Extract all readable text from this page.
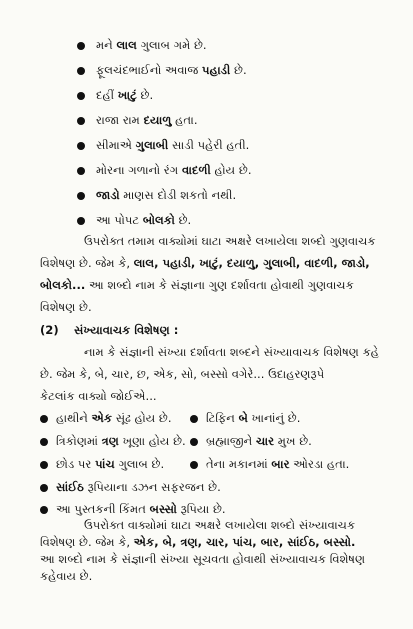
મને લાલ ગુલાબ ગમે છે.
ફૂલચંદભાઈનો અવાજ પહાડી છે.
દહીં ખાટું છે.
રાજા રામ દયાળુ હતા.
સીમાએ ગુલાબી સાડી પહેરી હતી.
મોરના ગળાનો રંગ વાદળી હોય છે.
જાડો માણસ દોડી શકતો નથી.
આ પોપટ બોલકો છે.
ઉપરોક્ત તમામ વાક્યોમાં ઘાટા અક્ષરે લખાયેલા શબ્દો ગુણવાચક
વિશેષણ છે. જેમ કે, લાલ, પહાડી, ખાટું, દયાળુ, ગુલાબી, વાદળી, જાડો,
બોલકો... આ શબ્દો નામ કે સંજ્ઞાના ગુણ દર્શાવતા હોવાથી ગુણવાચક
વિશેષણ છે.
(2) સંખ્યાવાચક વિશેષણ :
નામ કે સંજ્ઞાની સંખ્યા દર્શાવતા શબ્દને સંખ્યાવાચક વિશેષણ કહે
છે. જેમ કે, બે, ચાર, છ, એક, સો, બસ્સો વગેરે... ઉદાહરણરૂપે
કેટલાંક વાક્યો જોઈએ...
હાથીને એક સૂંઢ હોય છે.	ટિફિન બે ખાનાંનું છે.
ત્રિકોણમાં ત્રણ ખૂણા હોય છે. બ્રહ્માજીને ચાર મુખ છે.
છોડ પર પાંચ ગુલાબ છે.	તેના મકાનમાં બાર ઓરડા હતા.
સાંઈઠ રૂપિયાના ડઝન સફરજન છે.
આ પુસ્તકની કિંમત બસ્સો રૂપિયા છે.
ઉપરોક્ત વાક્યોમાં ઘાટા અક્ષરે લખાયેલા શબ્દો સંખ્યાવાચક
વિશેષણ છે. જેમ કે, એક, બે, ત્રણ, ચાર, પાંચ, બાર, સાંઈઠ, બસ્સો.
આ શબ્દો નામ કે સંજ્ઞાની સંખ્યા સૂચવતા હોવાથી સંખ્યાવાચક વિશેષણ
કહેવાય છે.
